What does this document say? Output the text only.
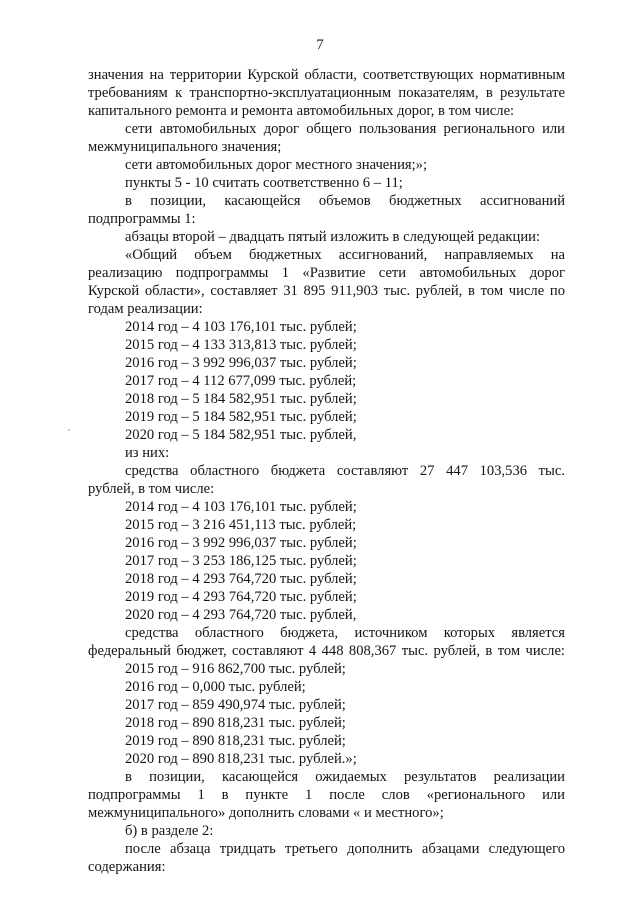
7
значения на территории Курской области, соответствующих нормативным
требованиям к транспортно-эксплуатационным показателям, в результате
капитального ремонта и ремонта автомобильных дорог, в том числе:
сети автомобильных дорог общего пользования регионального или
межмуниципального значения;
сети автомобильных дорог местного значения;»;
пункты 5 - 10 считать соответственно 6 – 11;
в позиции, касающейся объемов бюджетных ассигнований
подпрограммы 1:
абзацы второй – двадцать пятый изложить в следующей редакции:
«Общий объем бюджетных ассигнований, направляемых на
реализацию подпрограммы 1 «Развитие сети автомобильных дорог
Курской области», составляет 31 895 911,903 тыс. рублей, в том числе по
годам реализации:
2014 год – 4 103 176,101 тыс. рублей;
2015 год – 4 133 313,813 тыс. рублей;
2016 год – 3 992 996,037 тыс. рублей;
2017 год – 4 112 677,099 тыс. рублей;
2018 год – 5 184 582,951 тыс. рублей;
2019 год – 5 184 582,951 тыс. рублей;
2020 год – 5 184 582,951 тыс. рублей,
из них:
средства областного бюджета составляют 27 447 103,536 тыс.
рублей, в том числе:
2014 год – 4 103 176,101 тыс. рублей;
2015 год – 3 216 451,113 тыс. рублей;
2016 год – 3 992 996,037 тыс. рублей;
2017 год – 3 253 186,125 тыс. рублей;
2018 год – 4 293 764,720 тыс. рублей;
2019 год – 4 293 764,720 тыс. рублей;
2020 год – 4 293 764,720 тыс. рублей,
средства областного бюджета, источником которых является
федеральный бюджет, составляют 4 448 808,367 тыс. рублей, в том числе:
2015 год – 916 862,700 тыс. рублей;
2016 год – 0,000 тыс. рублей;
2017 год – 859 490,974 тыс. рублей;
2018 год – 890 818,231 тыс. рублей;
2019 год – 890 818,231 тыс. рублей;
2020 год – 890 818,231 тыс. рублей.»;
в позиции, касающейся ожидаемых результатов реализации
подпрограммы 1 в пункте 1 после слов «регионального или
межмуниципального» дополнить словами « и местного»;
б) в разделе 2:
после абзаца тридцать третьего дополнить абзацами следующего
содержания:
